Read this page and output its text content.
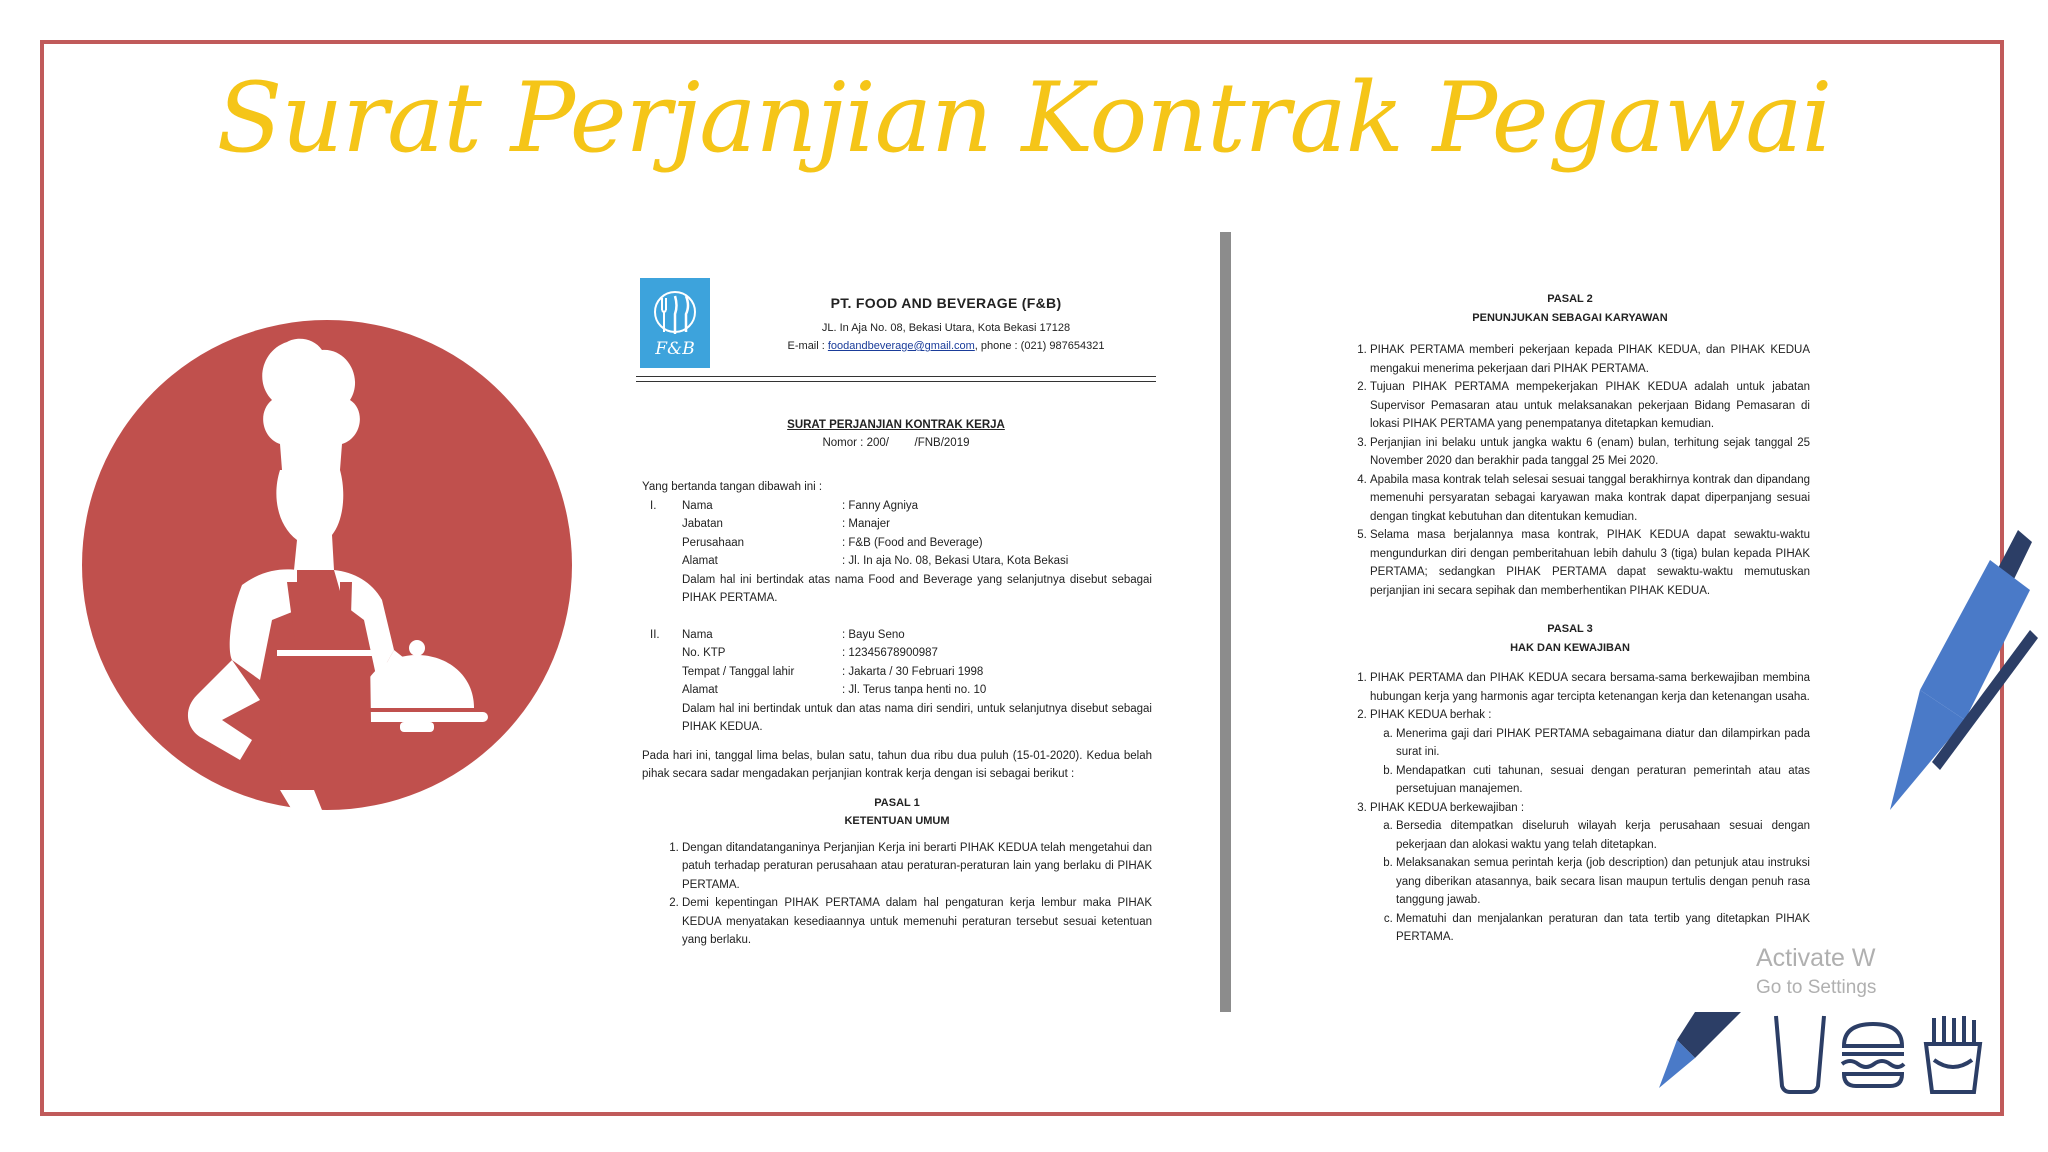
Surat Perjanjian Kontrak Pegawai
F&B
PT. FOOD AND BEVERAGE (F&B)
JL. In Aja No. 08, Bekasi Utara, Kota Bekasi 17128
E-mail : foodandbeverage@gmail.com, phone : (021) 987654321
SURAT PERJANJIAN KONTRAK KERJA
Nomor : 200/        /FNB/2019
Yang bertanda tangan dibawah ini :
I.	Nama	: Fanny Agniya
Jabatan	: Manajer
Perusahaan	: F&B (Food and Beverage)
Alamat	: Jl. In aja No. 08, Bekasi Utara, Kota Bekasi
Dalam hal ini bertindak atas nama Food and Beverage yang selanjutnya disebut sebagai PIHAK PERTAMA.
II.	Nama	: Bayu Seno
No. KTP	: 12345678900987
Tempat / Tanggal lahir	: Jakarta / 30 Februari 1998
Alamat	: Jl. Terus tanpa henti no. 10
Dalam hal ini bertindak untuk dan atas nama diri sendiri, untuk selanjutnya disebut sebagai PIHAK KEDUA.
Pada hari ini, tanggal lima belas, bulan satu, tahun dua ribu dua puluh (15-01-2020). Kedua belah pihak secara sadar mengadakan perjanjian kontrak kerja dengan isi sebagai berikut :
PASAL 1
KETENTUAN UMUM
1. Dengan ditandatanganinya Perjanjian Kerja ini berarti PIHAK KEDUA telah mengetahui dan patuh terhadap peraturan perusahaan atau peraturan-peraturan lain yang berlaku di PIHAK PERTAMA.
2. Demi kepentingan PIHAK PERTAMA dalam hal pengaturan kerja lembur maka PIHAK KEDUA menyatakan kesediaannya untuk memenuhi peraturan tersebut sesuai ketentuan yang berlaku.
PASAL 2
PENUNJUKAN SEBAGAI KARYAWAN
1. PIHAK PERTAMA memberi pekerjaan kepada PIHAK KEDUA, dan PIHAK KEDUA mengakui menerima pekerjaan dari PIHAK PERTAMA.
2. Tujuan PIHAK PERTAMA mempekerjakan PIHAK KEDUA adalah untuk jabatan Supervisor Pemasaran atau untuk melaksanakan pekerjaan Bidang Pemasaran di lokasi PIHAK PERTAMA yang penempatanya ditetapkan kemudian.
3. Perjanjian ini belaku untuk jangka waktu 6 (enam) bulan, terhitung sejak tanggal 25 November 2020 dan berakhir pada tanggal 25 Mei 2020.
4. Apabila masa kontrak telah selesai sesuai tanggal berakhirnya kontrak dan dipandang memenuhi persyaratan sebagai karyawan maka kontrak dapat diperpanjang sesuai dengan tingkat kebutuhan dan ditentukan kemudian.
5. Selama masa berjalannya masa kontrak, PIHAK KEDUA dapat sewaktu-waktu mengundurkan diri dengan pemberitahuan lebih dahulu 3 (tiga) bulan kepada PIHAK PERTAMA; sedangkan PIHAK PERTAMA dapat sewaktu-waktu memutuskan perjanjian ini secara sepihak dan memberhentikan PIHAK KEDUA.
PASAL 3
HAK DAN KEWAJIBAN
1. PIHAK PERTAMA dan PIHAK KEDUA secara bersama-sama berkewajiban membina hubungan kerja yang harmonis agar tercipta ketenangan kerja dan ketenangan usaha.
2. PIHAK KEDUA berhak :
a. Menerima gaji dari PIHAK PERTAMA sebagaimana diatur dan dilampirkan pada surat ini.
b. Mendapatkan cuti tahunan, sesuai dengan peraturan pemerintah atau atas persetujuan manajemen.
3. PIHAK KEDUA berkewajiban :
a. Bersedia ditempatkan diseluruh wilayah kerja perusahaan sesuai dengan pekerjaan dan alokasi waktu yang telah ditetapkan.
b. Melaksanakan semua perintah kerja (job description) dan petunjuk atau instruksi yang diberikan atasannya, baik secara lisan maupun tertulis dengan penuh rasa tanggung jawab.
c. Mematuhi dan menjalankan peraturan dan tata tertib yang ditetapkan PIHAK PERTAMA.
Activate W
Go to Settings
